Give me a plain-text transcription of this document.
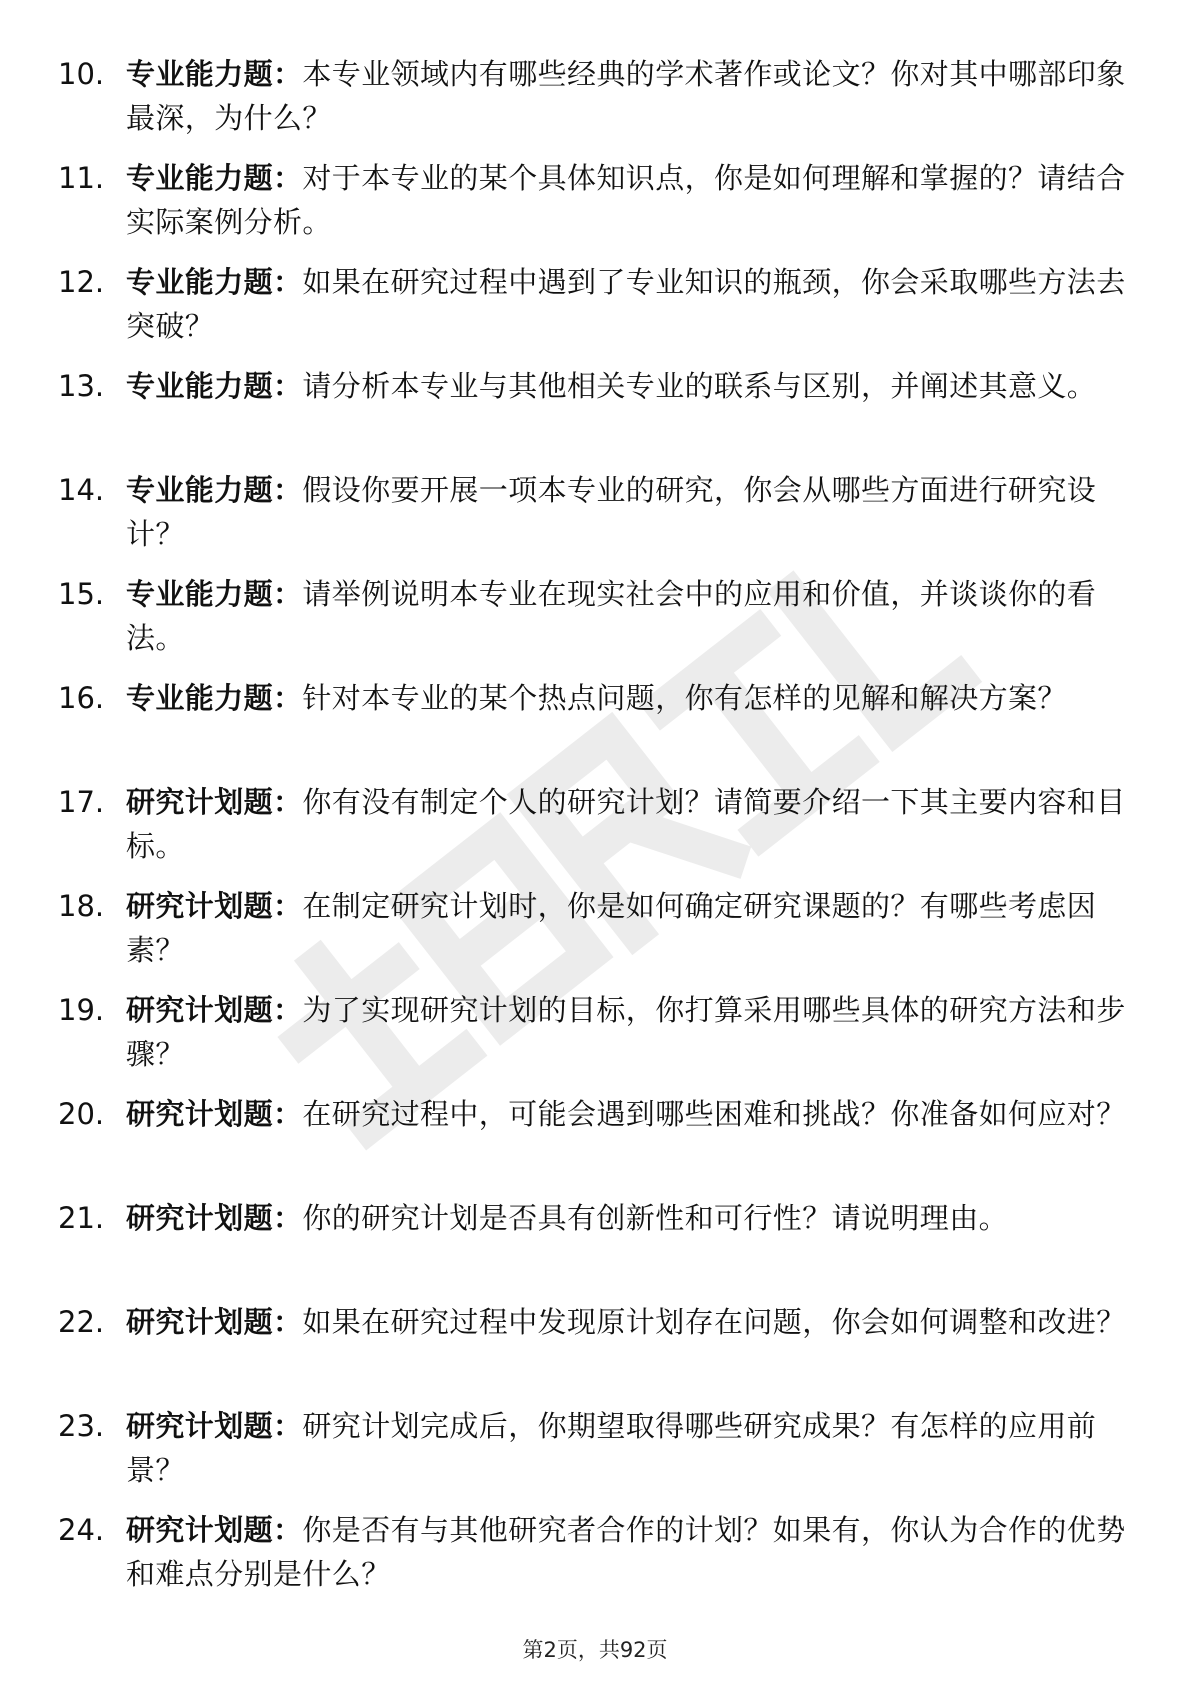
10. 专业能力题：本专业领域内有哪些经典的学术著作或论文？你对其中哪部印象最深，为什么？
11. 专业能力题：对于本专业的某个具体知识点，你是如何理解和掌握的？请结合实际案例分析。
12. 专业能力题：如果在研究过程中遇到了专业知识的瓶颈，你会采取哪些方法去突破？
13. 专业能力题：请分析本专业与其他相关专业的联系与区别，并阐述其意义。
14. 专业能力题：假设你要开展一项本专业的研究，你会从哪些方面进行研究设计？
15. 专业能力题：请举例说明本专业在现实社会中的应用和价值，并谈谈你的看法。
16. 专业能力题：针对本专业的某个热点问题，你有怎样的见解和解决方案？
17. 研究计划题：你有没有制定个人的研究计划？请简要介绍一下其主要内容和目标。
18. 研究计划题：在制定研究计划时，你是如何确定研究课题的？有哪些考虑因素？
19. 研究计划题：为了实现研究计划的目标，你打算采用哪些具体的研究方法和步骤？
20. 研究计划题：在研究过程中，可能会遇到哪些困难和挑战？你准备如何应对？
21. 研究计划题：你的研究计划是否具有创新性和可行性？请说明理由。
22. 研究计划题：如果在研究过程中发现原计划存在问题，你会如何调整和改进？
23. 研究计划题：研究计划完成后，你期望取得哪些研究成果？有怎样的应用前景？
24. 研究计划题：你是否有与其他研究者合作的计划？如果有，你认为合作的优势和难点分别是什么？
第2页，共92页
